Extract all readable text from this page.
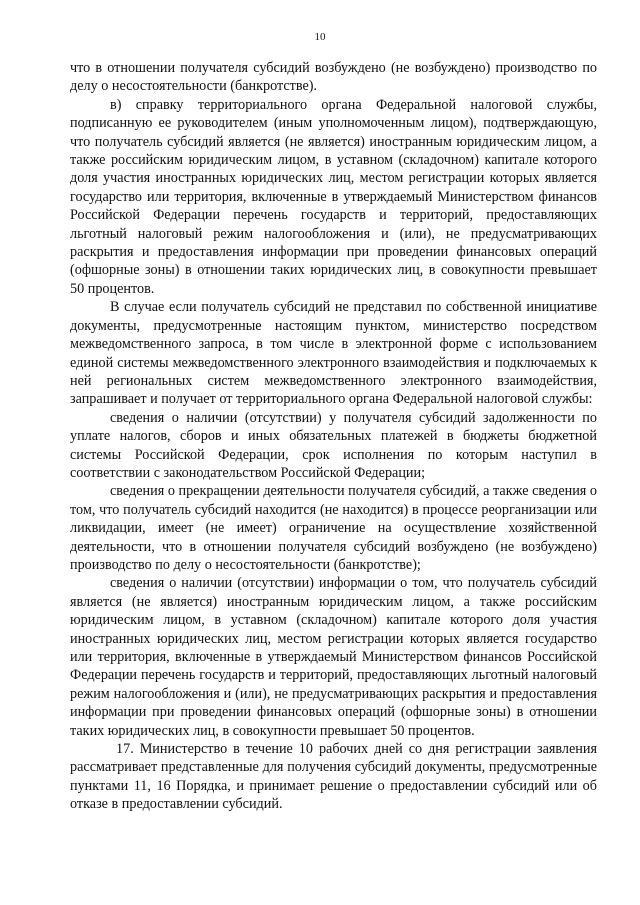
10

что в отношении получателя субсидий возбуждено (не возбуждено) производство по делу о несостоятельности (банкротстве).

в) справку территориального органа Федеральной налоговой службы, подписанную ее руководителем (иным уполномоченным лицом), подтверждающую, что получатель субсидий является (не является) иностранным юридическим лицом, а также российским юридическим лицом, в уставном (складочном) капитале которого доля участия иностранных юридических лиц, местом регистрации которых является государство или территория, включенные в утверждаемый Министерством финансов Российской Федерации перечень государств и территорий, предоставляющих льготный налоговый режим налогообложения и (или), не предусматривающих раскрытия и предоставления информации при проведении финансовых операций (офшорные зоны) в отношении таких юридических лиц, в совокупности превышает 50 процентов.

В случае если получатель субсидий не представил по собственной инициативе документы, предусмотренные настоящим пунктом, министерство посредством межведомственного запроса, в том числе в электронной форме с использованием единой системы межведомственного электронного взаимодействия и подключаемых к ней региональных систем межведомственного электронного взаимодействия, запрашивает и получает от территориального органа Федеральной налоговой службы:

сведения о наличии (отсутствии) у получателя субсидий задолженности по уплате налогов, сборов и иных обязательных платежей в бюджеты бюджетной системы Российской Федерации, срок исполнения по которым наступил в соответствии с законодательством Российской Федерации;

сведения о прекращении деятельности получателя субсидий, а также сведения о том, что получатель субсидий находится (не находится) в процессе реорганизации или ликвидации, имеет (не имеет) ограничение на осуществление хозяйственной деятельности, что в отношении получателя субсидий возбуждено (не возбуждено) производство по делу о несостоятельности (банкротстве);

сведения о наличии (отсутствии) информации о том, что получатель субсидий является (не является) иностранным юридическим лицом, а также российским юридическим лицом, в уставном (складочном) капитале которого доля участия иностранных юридических лиц, местом регистрации которых является государство или территория, включенные в утверждаемый Министерством финансов Российской Федерации перечень государств и территорий, предоставляющих льготный налоговый режим налогообложения и (или), не предусматривающих раскрытия и предоставления информации при проведении финансовых операций (офшорные зоны) в отношении таких юридических лиц, в совокупности превышает 50 процентов.

17. Министерство в течение 10 рабочих дней со дня регистрации заявления рассматривает представленные для получения субсидий документы, предусмотренные пунктами 11, 16 Порядка, и принимает решение о предоставлении субсидий или об отказе в предоставлении субсидий.
